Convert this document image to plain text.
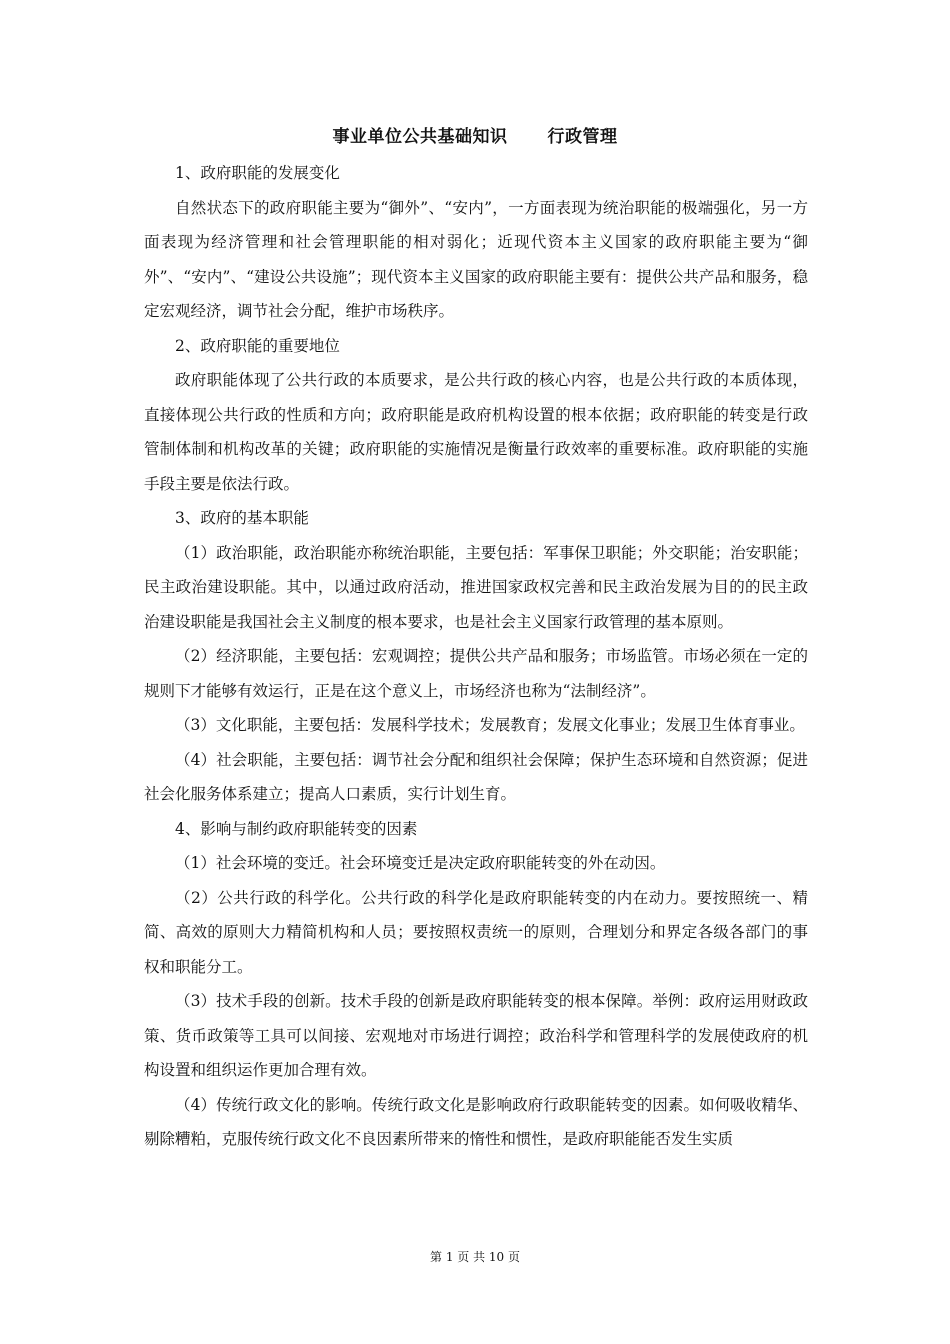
事业单位公共基础知识 行政管理

1、政府职能的发展变化

自然状态下的政府职能主要为“御外”、“安内”，一方面表现为统治职能的极端强化，另一方面表现为经济管理和社会管理职能的相对弱化；近现代资本主义国家的政府职能主要为“御外”、“安内”、“建设公共设施”；现代资本主义国家的政府职能主要有：提供公共产品和服务，稳定宏观经济，调节社会分配，维护市场秩序。

2、政府职能的重要地位

政府职能体现了公共行政的本质要求，是公共行政的核心内容，也是公共行政的本质体现，直接体现公共行政的性质和方向；政府职能是政府机构设置的根本依据；政府职能的转变是行政管制体制和机构改革的关键；政府职能的实施情况是衡量行政效率的重要标准。政府职能的实施手段主要是依法行政。

3、政府的基本职能

（1）政治职能，政治职能亦称统治职能，主要包括：军事保卫职能；外交职能；治安职能；民主政治建设职能。其中，以通过政府活动，推进国家政权完善和民主政治发展为目的的民主政治建设职能是我国社会主义制度的根本要求，也是社会主义国家行政管理的基本原则。

（2）经济职能，主要包括：宏观调控；提供公共产品和服务；市场监管。市场必须在一定的规则下才能够有效运行，正是在这个意义上，市场经济也称为“法制经济”。

（3）文化职能，主要包括：发展科学技术；发展教育；发展文化事业；发展卫生体育事业。

（4）社会职能，主要包括：调节社会分配和组织社会保障；保护生态环境和自然资源；促进社会化服务体系建立；提高人口素质，实行计划生育。

4、影响与制约政府职能转变的因素

（1）社会环境的变迁。社会环境变迁是决定政府职能转变的外在动因。

（2）公共行政的科学化。公共行政的科学化是政府职能转变的内在动力。要按照统一、精简、高效的原则大力精简机构和人员；要按照权责统一的原则，合理划分和界定各级各部门的事权和职能分工。

（3）技术手段的创新。技术手段的创新是政府职能转变的根本保障。举例：政府运用财政政策、货币政策等工具可以间接、宏观地对市场进行调控；政治科学和管理科学的发展使政府的机构设置和组织运作更加合理有效。

（4）传统行政文化的影响。传统行政文化是影响政府行政职能转变的因素。如何吸收精华、剔除糟粕，克服传统行政文化不良因素所带来的惰性和惯性，是政府职能能否发生实质

第 1 页 共 10 页
